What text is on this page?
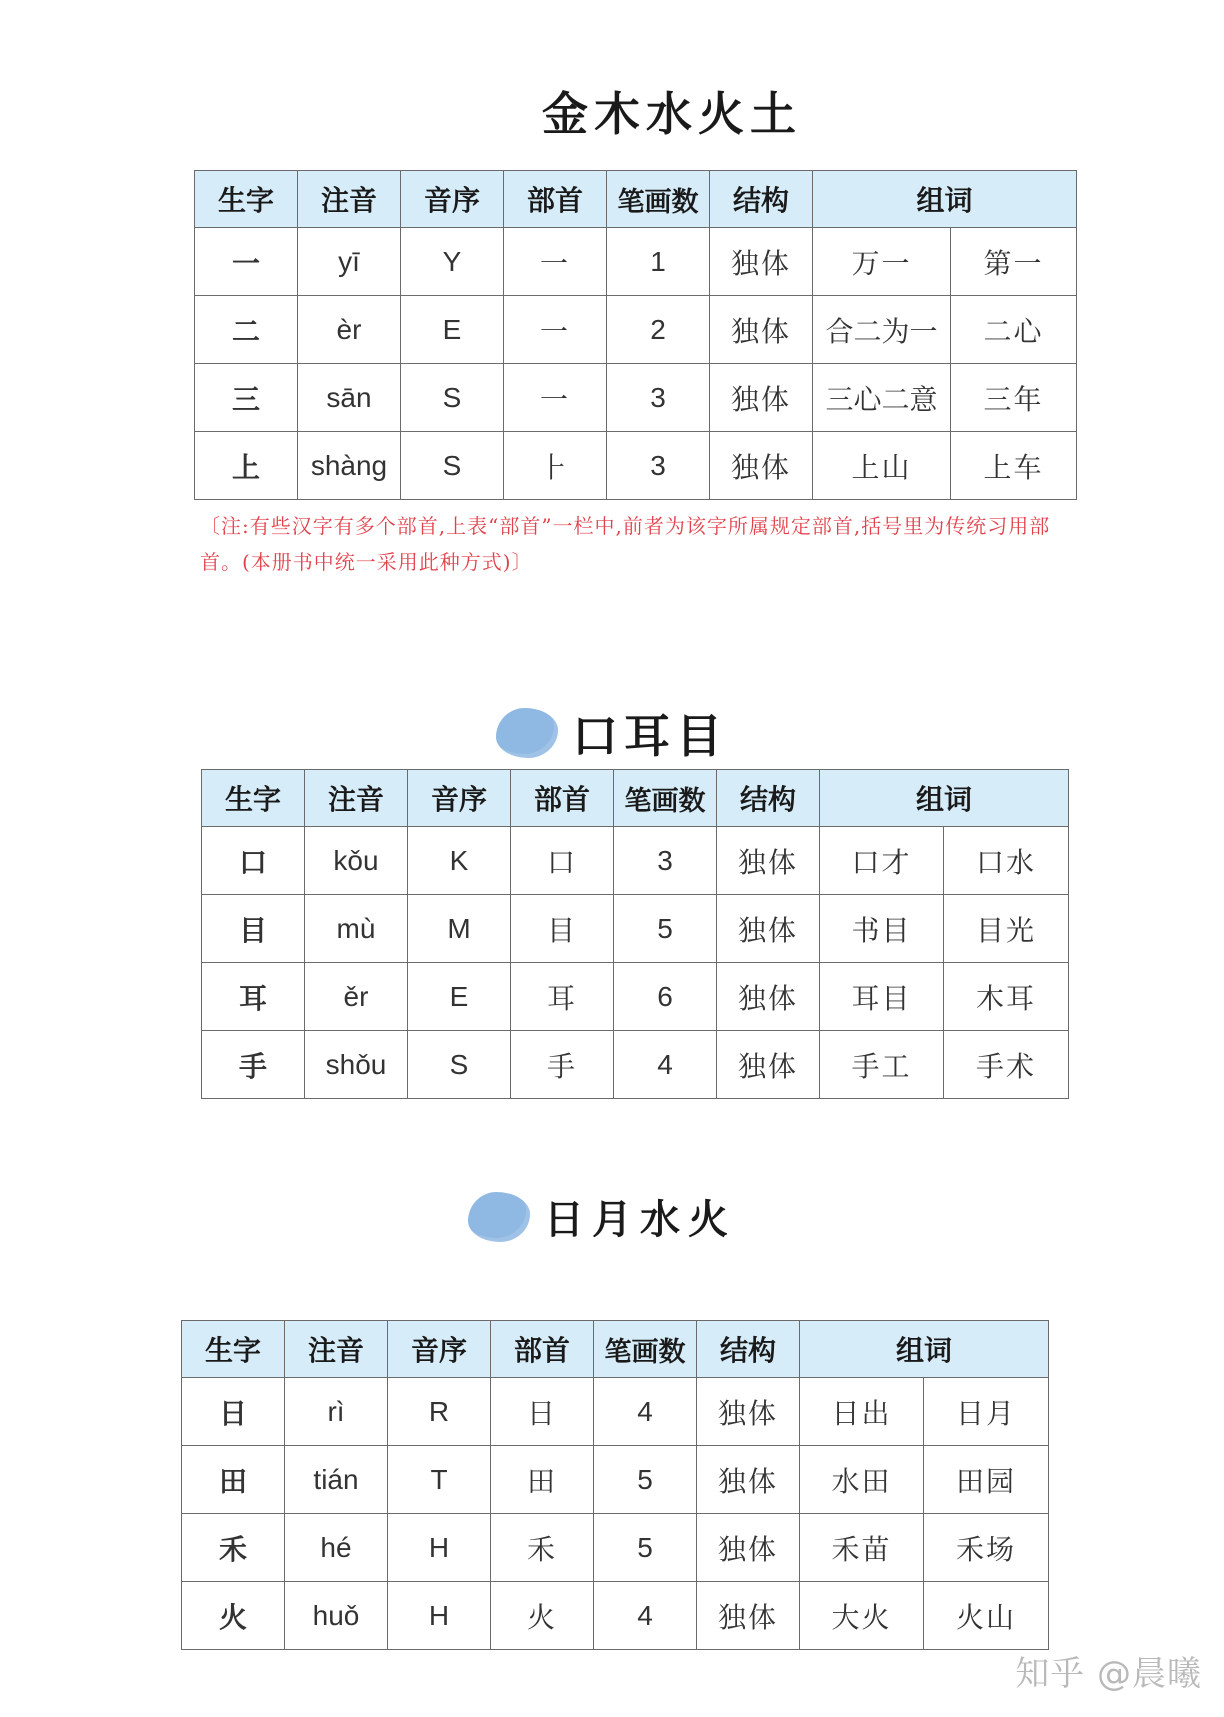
金木水火土
生字	注音	音序	部首	笔画数	结构	组词	
一	yī	Y	一	1	独体	万一	第一
二	èr	E	一	2	独体	合二为一	二心
三	sān	S	一	3	独体	三心二意	三年
上	shàng	S	⺊	3	独体	上山	上车
〔注:有些汉字有多个部首,上表“部首”一栏中,前者为该字所属规定部首,括号里为传统习用部首。(本册书中统一采用此种方式)〕
口耳目
生字	注音	音序	部首	笔画数	结构	组词	
口	kǒu	K	口	3	独体	口才	口水
目	mù	M	目	5	独体	书目	目光
耳	ěr	E	耳	6	独体	耳目	木耳
手	shǒu	S	手	4	独体	手工	手术
日月水火
生字	注音	音序	部首	笔画数	结构	组词	
日	rì	R	日	4	独体	日出	日月
田	tián	T	田	5	独体	水田	田园
禾	hé	H	禾	5	独体	禾苗	禾场
火	huǒ	H	火	4	独体	大火	火山
知乎 @晨曦
